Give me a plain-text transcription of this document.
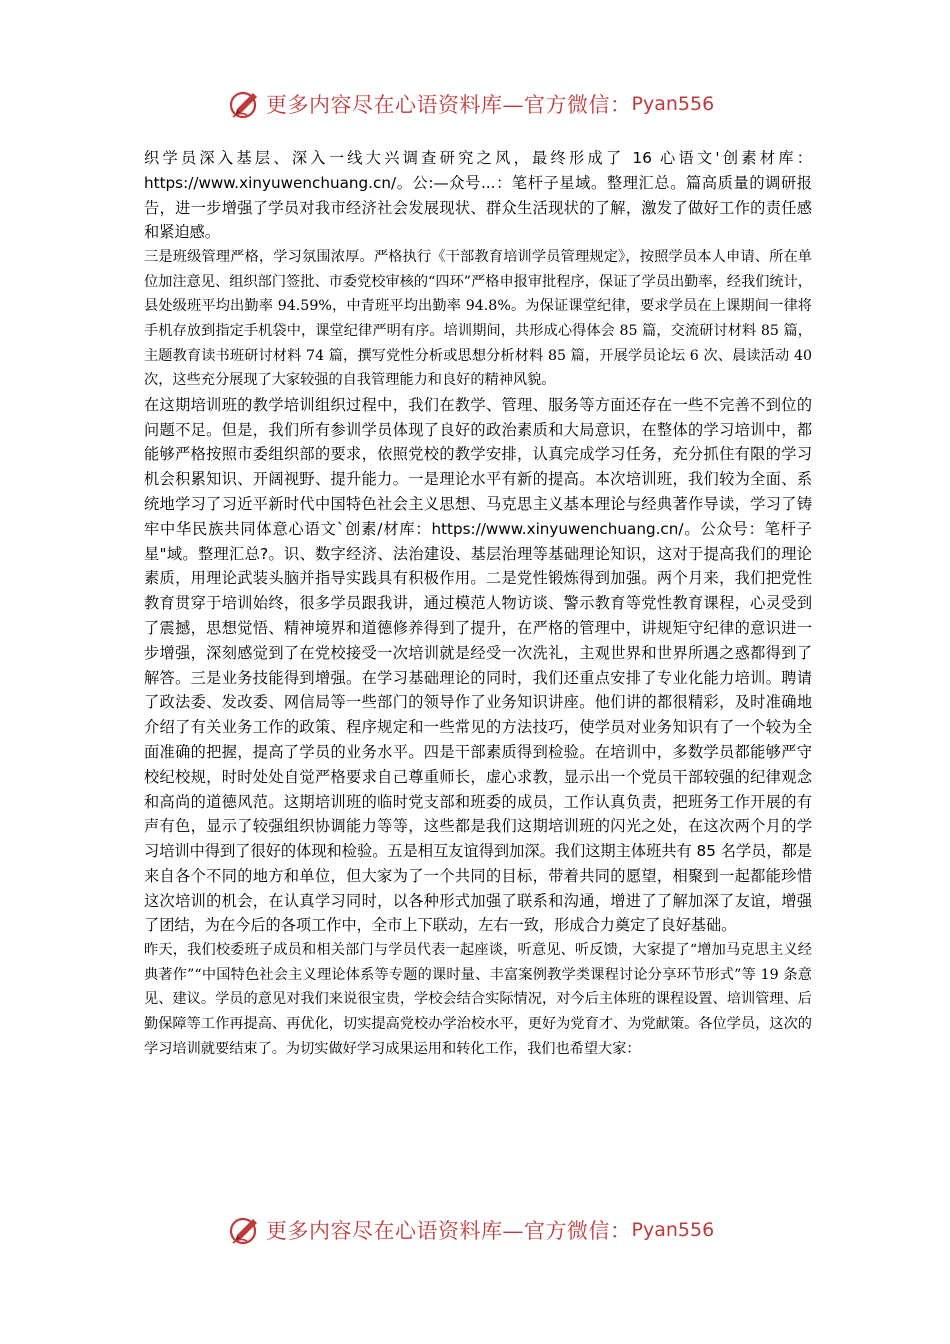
更多内容尽在心语资料库—官方微信： Pyan556

织学员深入基层、深入一线大兴调查研究之风，最终形成了 16 心语文'创素材库：https://www.xinyuwenchuang.cn/。公:—众号...：笔杆子星域。整理汇总。篇高质量的调研报告，进一步增强了学员对我市经济社会发展现状、群众生活现状的了解，激发了做好工作的责任感和紧迫感。

三是班级管理严格，学习氛围浓厚。严格执行《干部教育培训学员管理规定》，按照学员本人申请、所在单位加注意见、组织部门签批、市委党校审核的“四环”严格申报审批程序，保证了学员出勤率，经我们统计，县处级班平均出勤率 94.59%，中青班平均出勤率 94.8%。为保证课堂纪律，要求学员在上课期间一律将手机存放到指定手机袋中，课堂纪律严明有序。培训期间，共形成心得体会 85 篇，交流研讨材料 85 篇，主题教育读书班研讨材料 74 篇，撰写党性分析或思想分析材料 85 篇，开展学员论坛 6 次、晨读活动 40 次，这些充分展现了大家较强的自我管理能力和良好的精神风貌。

在这期培训班的教学培训组织过程中，我们在教学、管理、服务等方面还存在一些不完善不到位的问题不足。但是，我们所有参训学员体现了良好的政治素质和大局意识，在整体的学习培训中，都能够严格按照市委组织部的要求，依照党校的教学安排，认真完成学习任务，充分抓住有限的学习机会积累知识、开阔视野、提升能力。一是理论水平有新的提高。本次培训班，我们较为全面、系统地学习了习近平新时代中国特色社会主义思想、马克思主义基本理论与经典著作导读，学习了铸牢中华民族共同体意心语文`创素/材库：https://www.xinyuwenchuang.cn/。公众号：笔杆子星"域。整理汇总?。识、数字经济、法治建设、基层治理等基础理论知识，这对于提高我们的理论素质，用理论武装头脑并指导实践具有积极作用。二是党性锻炼得到加强。两个月来，我们把党性教育贯穿于培训始终，很多学员跟我讲，通过模范人物访谈、警示教育等党性教育课程，心灵受到了震撼，思想觉悟、精神境界和道德修养得到了提升，在严格的管理中，讲规矩守纪律的意识进一步增强，深刻感觉到了在党校接受一次培训就是经受一次洗礼，主观世界和世界所遇之惑都得到了解答。三是业务技能得到增强。在学习基础理论的同时，我们还重点安排了专业化能力培训。聘请了政法委、发改委、网信局等一些部门的领导作了业务知识讲座。他们讲的都很精彩，及时准确地介绍了有关业务工作的政策、程序规定和一些常见的方法技巧，使学员对业务知识有了一个较为全面准确的把握，提高了学员的业务水平。四是干部素质得到检验。在培训中，多数学员都能够严守校纪校规，时时处处自觉严格要求自己尊重师长，虚心求教，显示出一个党员干部较强的纪律观念和高尚的道德风范。这期培训班的临时党支部和班委的成员，工作认真负责，把班务工作开展的有声有色，显示了较强组织协调能力等等，这些都是我们这期培训班的闪光之处，在这次两个月的学习培训中得到了很好的体现和检验。五是相互友谊得到加深。我们这期主体班共有 85 名学员，都是来自各个不同的地方和单位，但大家为了一个共同的目标，带着共同的愿望，相聚到一起都能珍惜这次培训的机会，在认真学习同时，以各种形式加强了联系和沟通，增进了了解加深了友谊，增强了团结，为在今后的各项工作中，全市上下联动，左右一致，形成合力奠定了良好基础。

昨天，我们校委班子成员和相关部门与学员代表一起座谈，听意见、听反馈，大家提了“增加马克思主义经典著作”“中国特色社会主义理论体系等专题的课时量、丰富案例教学类课程讨论分享环节形式”等 19 条意见、建议。学员的意见对我们来说很宝贵，学校会结合实际情况，对今后主体班的课程设置、培训管理、后勤保障等工作再提高、再优化，切实提高党校办学治校水平，更好为党育才、为党献策。各位学员，这次的学习培训就要结束了。为切实做好学习成果运用和转化工作，我们也希望大家：

更多内容尽在心语资料库—官方微信： Pyan556
